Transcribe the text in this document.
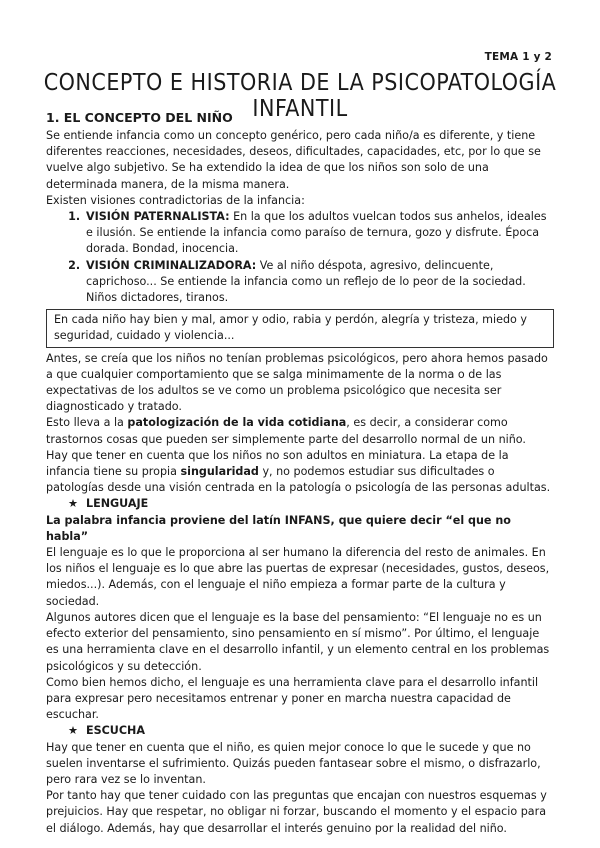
TEMA 1 y 2
CONCEPTO E HISTORIA DE LA PSICOPATOLOGÍA INFANTIL
1. EL CONCEPTO DEL NIÑO

Se entiende infancia como un concepto genérico, pero cada niño/a es diferente, y tiene diferentes reacciones, necesidades, deseos, dificultades, capacidades, etc, por lo que se vuelve algo subjetivo. Se ha extendido la idea de que los niños son solo de una determinada manera, de la misma manera.

Existen visiones contradictorias de la infancia:

1. VISIÓN PATERNALISTA: En la que los adultos vuelcan todos sus anhelos, ideales e ilusión. Se entiende la infancia como paraíso de ternura, gozo y disfrute. Época dorada. Bondad, inocencia.
2. VISIÓN CRIMINALIZADORA: Ve al niño déspota, agresivo, delincuente, caprichoso... Se entiende la infancia como un reflejo de lo peor de la sociedad. Niños dictadores, tiranos.
En cada niño hay bien y mal, amor y odio, rabia y perdón, alegría y tristeza, miedo y seguridad, cuidado y violencia...

Antes, se creía que los niños no tenían problemas psicológicos, pero ahora hemos pasado a que cualquier comportamiento que se salga minimamente de la norma o de las expectativas de los adultos se ve como un problema psicológico que necesita ser diagnosticado y tratado.

Esto lleva a la patologización de la vida cotidiana, es decir, a considerar como trastornos cosas que pueden ser simplemente parte del desarrollo normal de un niño.

Hay que tener en cuenta que los niños no son adultos en miniatura. La etapa de la infancia tiene su propia singularidad y, no podemos estudiar sus dificultades o patologías desde una visión centrada en la patología o psicología de las personas adultas.

★ LENGUAJE

La palabra infancia proviene del latín INFANS, que quiere decir “el que no habla”

El lenguaje es lo que le proporciona al ser humano la diferencia del resto de animales. En los niños el lenguaje es lo que abre las puertas de expresar (necesidades, gustos, deseos, miedos...). Además, con el lenguaje el niño empieza a formar parte de la cultura y sociedad.

Algunos autores dicen que el lenguaje es la base del pensamiento: “El lenguaje no es un efecto exterior del pensamiento, sino pensamiento en sí mismo”. Por último, el lenguaje es una herramienta clave en el desarrollo infantil, y un elemento central en los problemas psicológicos y su detección.

Como bien hemos dicho, el lenguaje es una herramienta clave para el desarrollo infantil para expresar pero necesitamos entrenar y poner en marcha nuestra capacidad de escuchar.

★ ESCUCHA

Hay que tener en cuenta que el niño, es quien mejor conoce lo que le sucede y que no suelen inventarse el sufrimiento. Quizás pueden fantasear sobre el mismo, o disfrazarlo, pero rara vez se lo inventan.

Por tanto hay que tener cuidado con las preguntas que encajan con nuestros esquemas y prejuicios. Hay que respetar, no obligar ni forzar, buscando el momento y el espacio para el diálogo. Además, hay que desarrollar el interés genuino por la realidad del niño.
